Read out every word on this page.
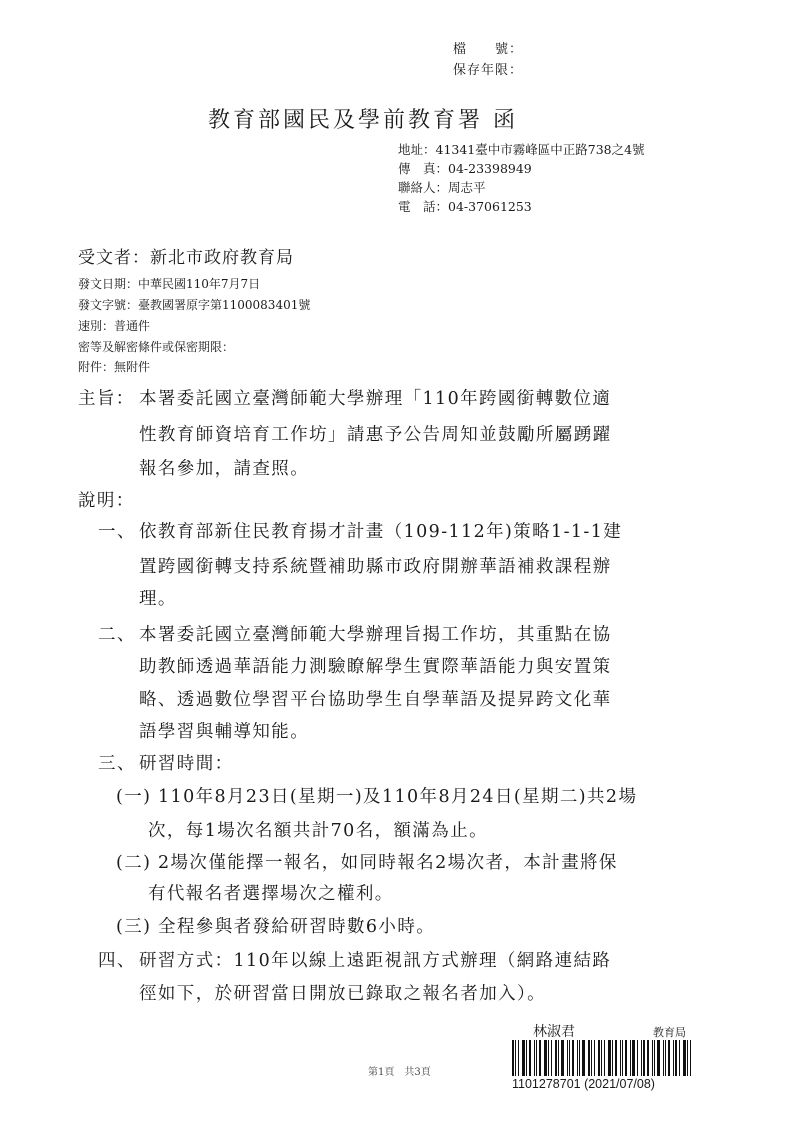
檔　　號：
保存年限：
教育部國民及學前教育署 函
地址：41341臺中市霧峰區中正路738之4號
傳　真：04-23398949
聯絡人：周志平
電　話：04-37061253
受文者：新北市政府教育局
發文日期：中華民國110年7月7日
發文字號：臺教國署原字第1100083401號
速別：普通件
密等及解密條件或保密期限：
附件：無附件
主旨： 本署委託國立臺灣師範大學辦理「110年跨國銜轉數位適
性教育師資培育工作坊」請惠予公告周知並鼓勵所屬踴躍
報名參加，請查照。
說明：
一、 依教育部新住民教育揚才計畫（109-112年)策略1-1-1建
置跨國銜轉支持系統暨補助縣市政府開辦華語補救課程辦
理。
二、 本署委託國立臺灣師範大學辦理旨揭工作坊，其重點在協
助教師透過華語能力測驗瞭解學生實際華語能力與安置策
略、透過數位學習平台協助學生自學華語及提昇跨文化華
語學習與輔導知能。
三、 研習時間：
(一) 110年8月23日(星期一)及110年8月24日(星期二)共2場
次，每1場次名額共計70名，額滿為止。
(二) 2場次僅能擇一報名，如同時報名2場次者，本計畫將保
有代報名者選擇場次之權利。
(三) 全程參與者發給研習時數6小時。
四、 研習方式：110年以線上遠距視訊方式辦理（網路連結路
徑如下，於研習當日開放已錄取之報名者加入）。
第1頁　共3頁
林淑君	教育局
1101278701 (2021/07/08)
